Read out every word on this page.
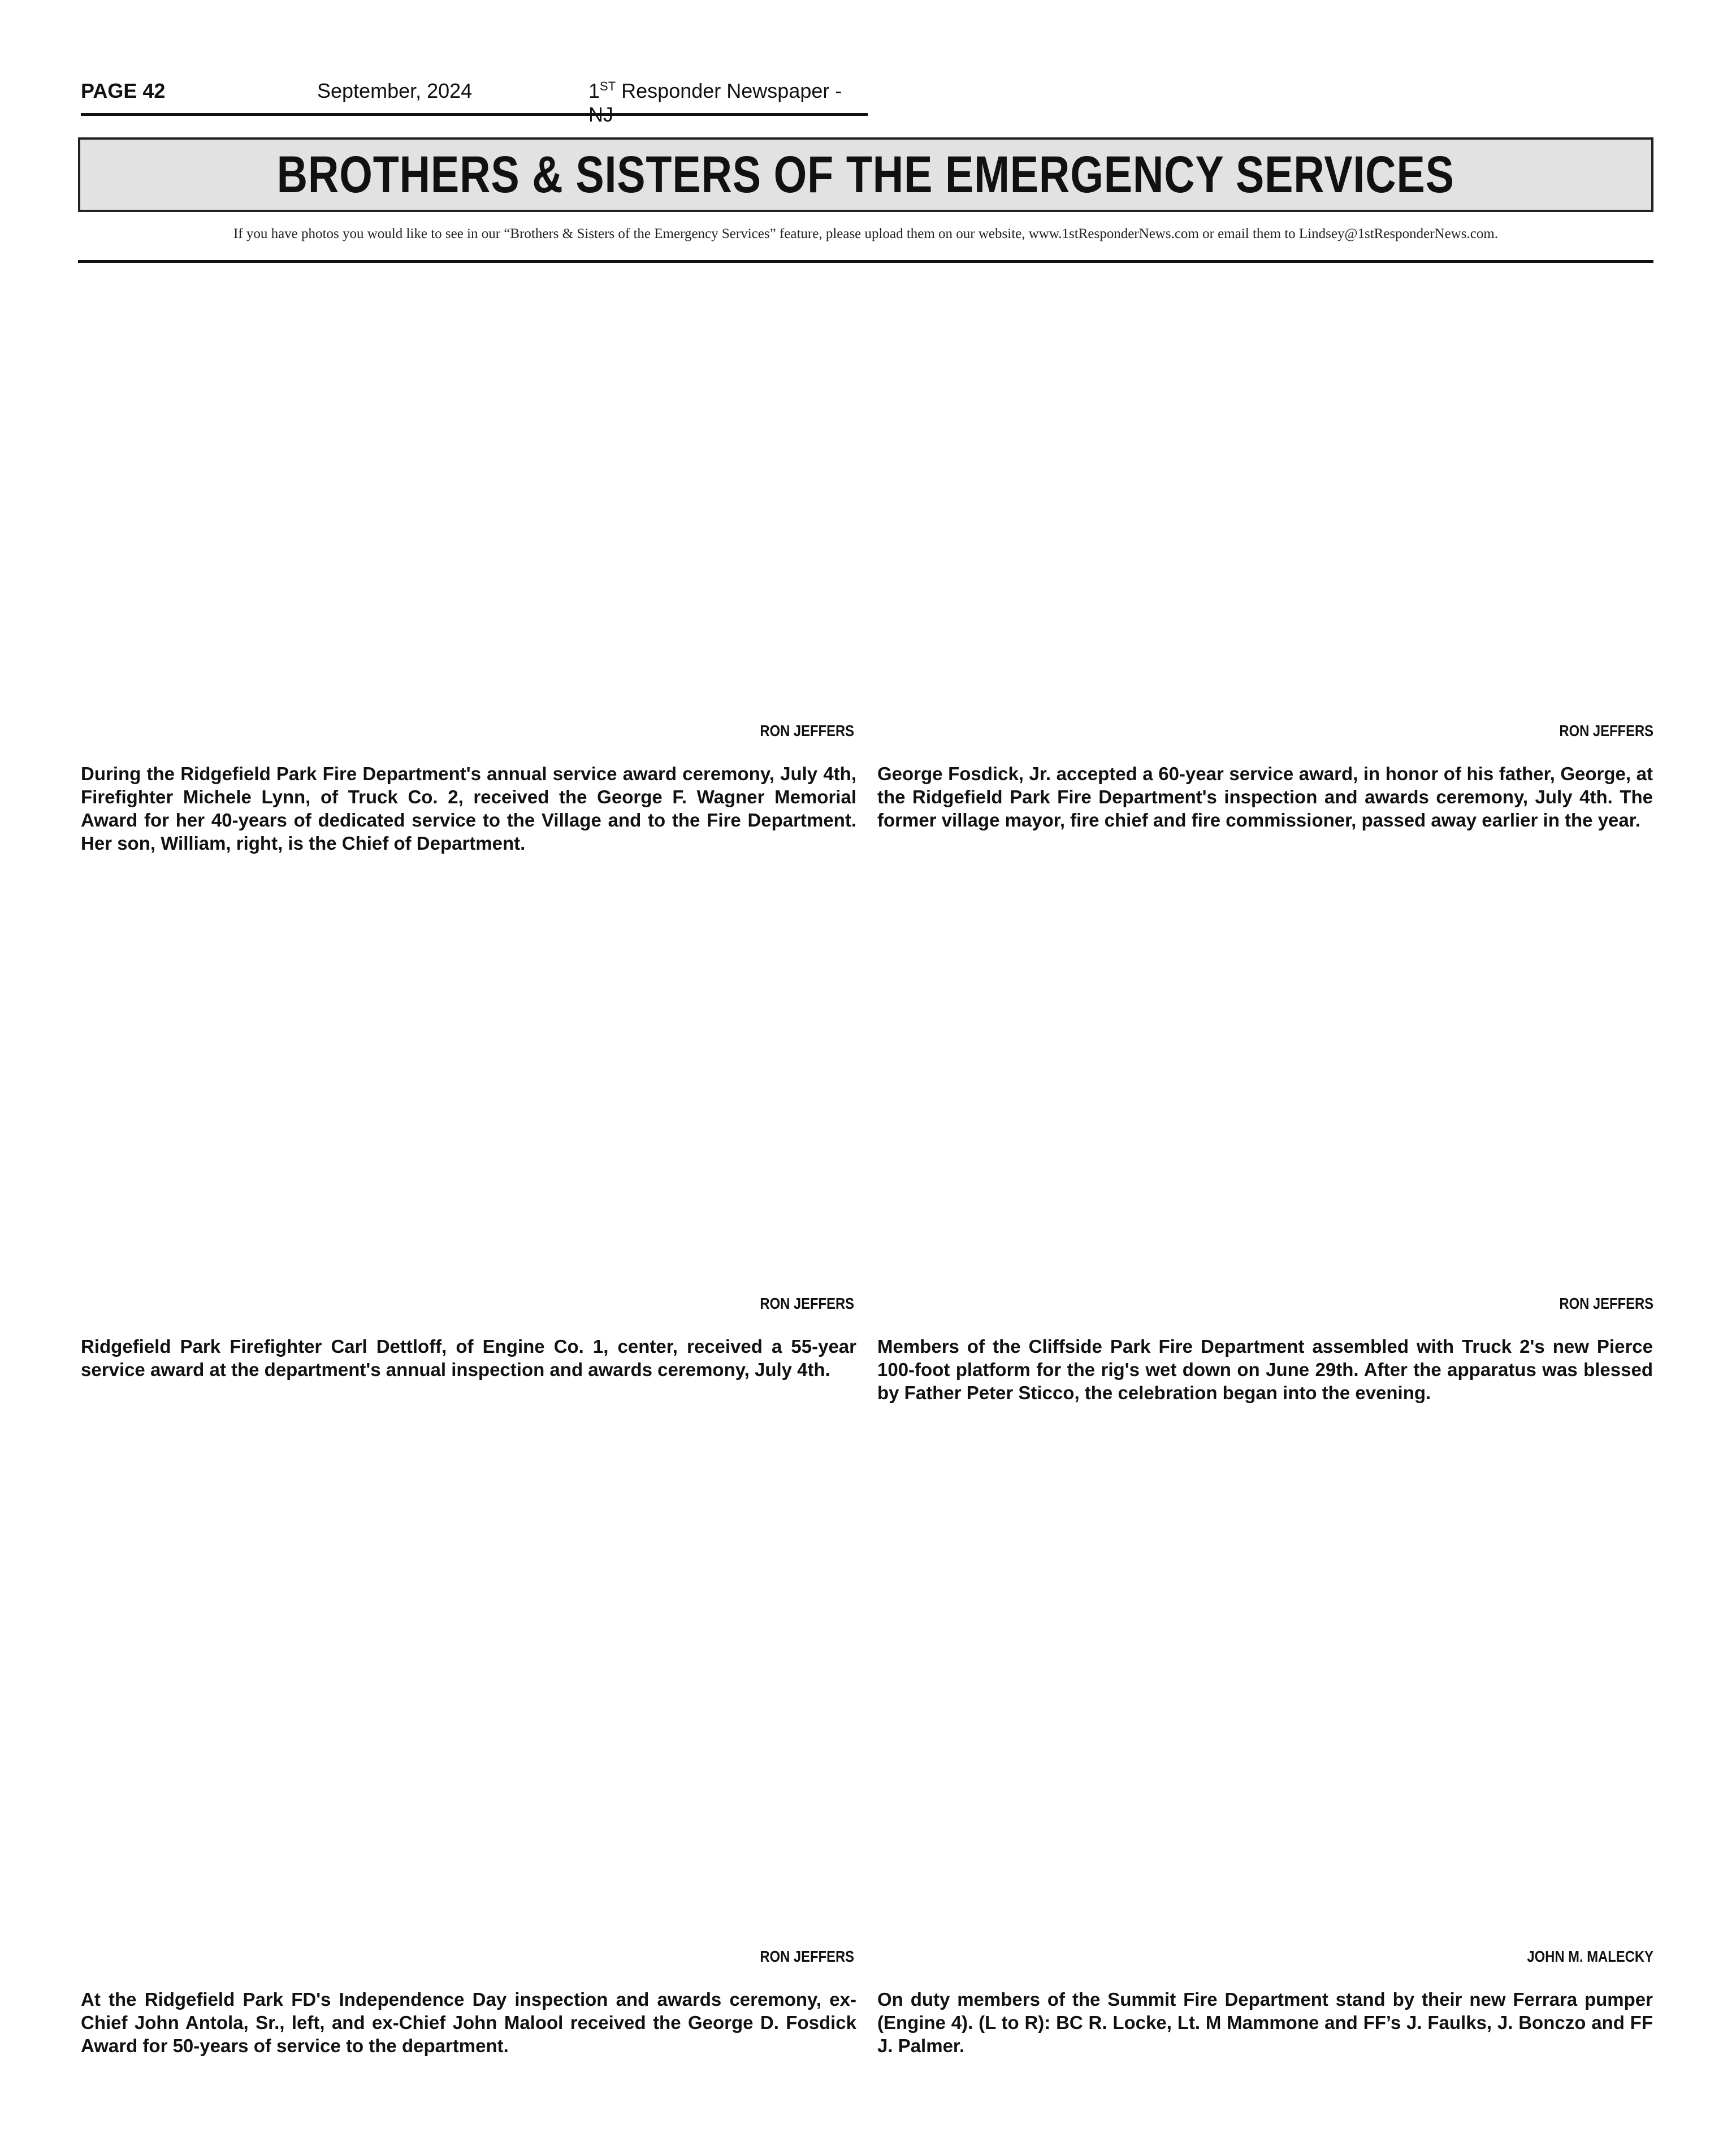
PAGE 42	September, 2024	1ST Responder Newspaper - NJ
BROTHERS & SISTERS OF THE EMERGENCY SERVICES
If you have photos you would like to see in our “Brothers & Sisters of the Emergency Services” feature, please upload them on our website, www.1stResponderNews.com or email them to Lindsey@1stResponderNews.com.
RON JEFFERS
During the Ridgefield Park Fire Department's annual service award ceremony, July 4th, Firefighter Michele Lynn, of Truck Co. 2, received the George F. Wagner Memorial Award for her 40-years of dedicated service to the Village and to the Fire Department. Her son, William, right, is the Chief of Department.
RON JEFFERS
George Fosdick, Jr. accepted a 60-year service award, in honor of his father, George, at the Ridgefield Park Fire Department's inspection and awards ceremony, July 4th. The former village mayor, fire chief and fire commissioner, passed away earlier in the year.
RON JEFFERS
Ridgefield Park Firefighter Carl Dettloff, of Engine Co. 1, center, received a 55-year service award at the department's annual inspection and awards ceremony, July 4th.
RON JEFFERS
Members of the Cliffside Park Fire Department assembled with Truck 2's new Pierce 100-foot platform for the rig's wet down on June 29th. After the apparatus was blessed by Father Peter Sticco, the celebration began into the evening.
RON JEFFERS
At the Ridgefield Park FD's Independence Day inspection and awards ceremony, ex-Chief John Antola, Sr., left, and ex-Chief John Malool received the George D. Fosdick Award for 50-years of service to the department.
JOHN M. MALECKY
On duty members of the Summit Fire Department stand by their new Ferrara pumper (Engine 4). (L to R): BC R. Locke, Lt. M Mammone and FF’s J. Faulks, J. Bonczo and FF J. Palmer.
